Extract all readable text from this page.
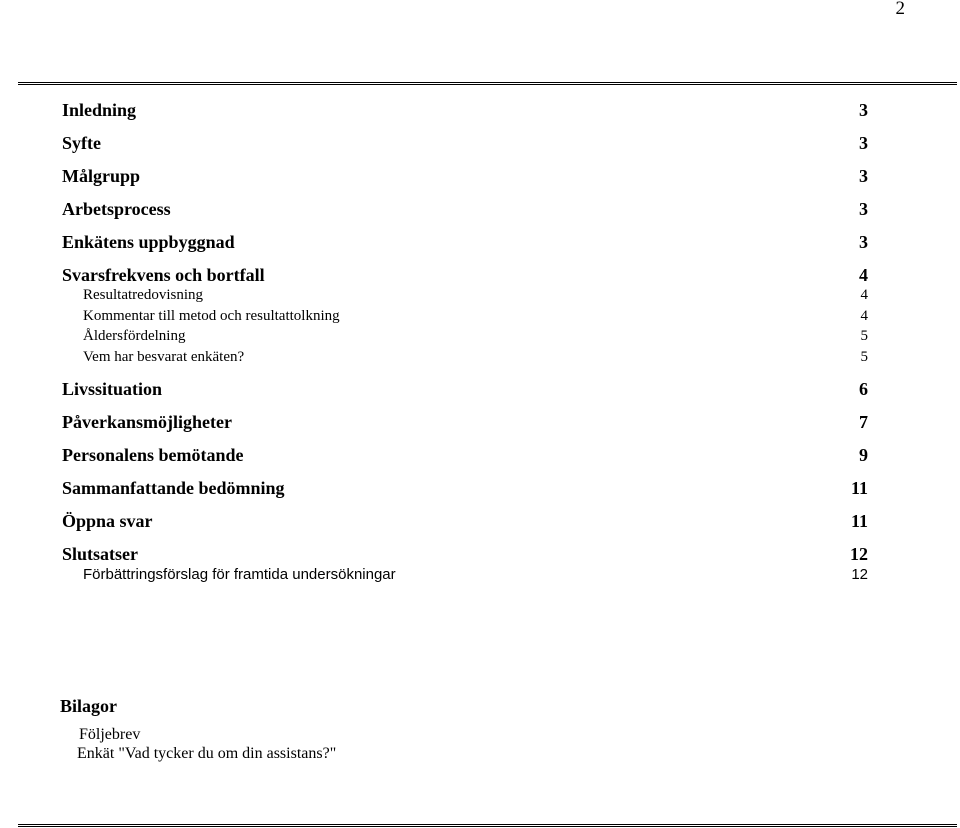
2
Inledning	3
Syfte	3
Målgrupp	3
Arbetsprocess	3
Enkätens uppbyggnad	3
Svarsfrekvens och bortfall	4
Resultatredovisning	4
Kommentar till metod och resultattolkning	4
Åldersfördelning	5
Vem har besvarat enkäten?	5
Livssituation	6
Påverkansmöjligheter	7
Personalens bemötande	9
Sammanfattande bedömning	11
Öppna svar	11
Slutsatser	12
Förbättringsförslag för framtida undersökningar	12
Bilagor
Följebrev
Enkät "Vad tycker du om din assistans?"
